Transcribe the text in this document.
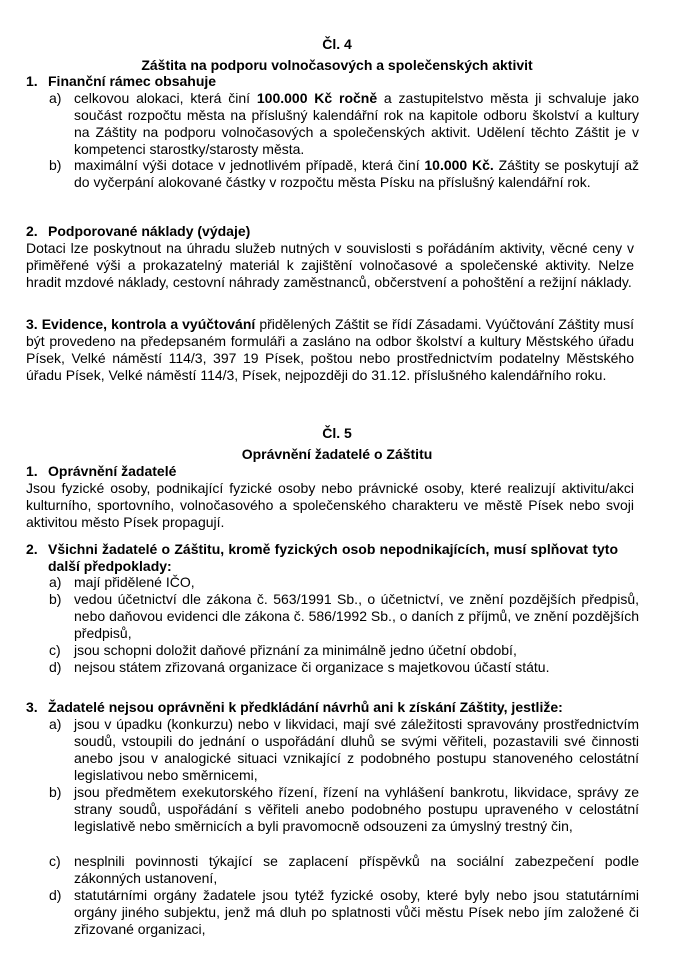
Čl. 4
Záštita na podporu volnočasových a společenských aktivit
1. Finanční rámec obsahuje
a) celkovou alokaci, která činí 100.000 Kč ročně a zastupitelstvo města ji schvaluje jako součást rozpočtu města na příslušný kalendářní rok na kapitole odboru školství a kultury na Záštity na podporu volnočasových a společenských aktivit. Udělení těchto Záštit je v kompetenci starostky/starosty města.
b) maximální výši dotace v jednotlivém případě, která činí 10.000 Kč. Záštity se poskytují až do vyčerpání alokované částky v rozpočtu města Písku na příslušný kalendářní rok.
2. Podporované náklady (výdaje)
Dotaci lze poskytnout na úhradu služeb nutných v souvislosti s pořádáním aktivity, věcné ceny v přiměřené výši a prokazatelný materiál k zajištění volnočasové a společenské aktivity. Nelze hradit mzdové náklady, cestovní náhrady zaměstnanců, občerstvení a pohoštění a režijní náklady.
3. Evidence, kontrola a vyúčtování přidělených Záštit se řídí Zásadami. Vyúčtování Záštity musí být provedeno na předepsaném formuláři a zasláno na odbor školství a kultury Městského úřadu Písek, Velké náměstí 114/3, 397 19 Písek, poštou nebo prostřednictvím podatelny Městského úřadu Písek, Velké náměstí 114/3, Písek, nejpozději do 31.12. příslušného kalendářního roku.
Čl. 5
Oprávnění žadatelé o Záštitu
1. Oprávnění žadatelé
Jsou fyzické osoby, podnikající fyzické osoby nebo právnické osoby, které realizují aktivitu/akci kulturního, sportovního, volnočasového a společenského charakteru ve městě Písek nebo svoji aktivitou město Písek propagují.
2. Všichni žadatelé o Záštitu, kromě fyzických osob nepodnikajících, musí splňovat tyto další předpoklady:
a) mají přidělené IČO,
b) vedou účetnictví dle zákona č. 563/1991 Sb., o účetnictví, ve znění pozdějších předpisů, nebo daňovou evidenci dle zákona č. 586/1992 Sb., o daních z příjmů, ve znění pozdějších předpisů,
c) jsou schopni doložit daňové přiznání za minimálně jedno účetní období,
d) nejsou státem zřizovaná organizace či organizace s majetkovou účastí státu.
3. Žadatelé nejsou oprávněni k předkládání návrhů ani k získání Záštity, jestliže:
a) jsou v úpadku (konkurzu) nebo v likvidaci, mají své záležitosti spravovány prostřednictvím soudů, vstoupili do jednání o uspořádání dluhů se svými věřiteli, pozastavili své činnosti anebo jsou v analogické situaci vznikající z podobného postupu stanoveného celostátní legislativou nebo směrnicemi,
b) jsou předmětem exekutorského řízení, řízení na vyhlášení bankrotu, likvidace, správy ze strany soudů, uspořádání s věřiteli anebo podobného postupu upraveného v celostátní legislativě nebo směrnicích a byli pravomocně odsouzeni za úmyslný trestný čin,
c) nesplnili povinnosti týkající se zaplacení příspěvků na sociální zabezpečení podle zákonných ustanovení,
d) statutárními orgány žadatele jsou tytéž fyzické osoby, které byly nebo jsou statutárními orgány jiného subjektu, jenž má dluh po splatnosti vůči městu Písek nebo jím založené či zřizované organizaci,
